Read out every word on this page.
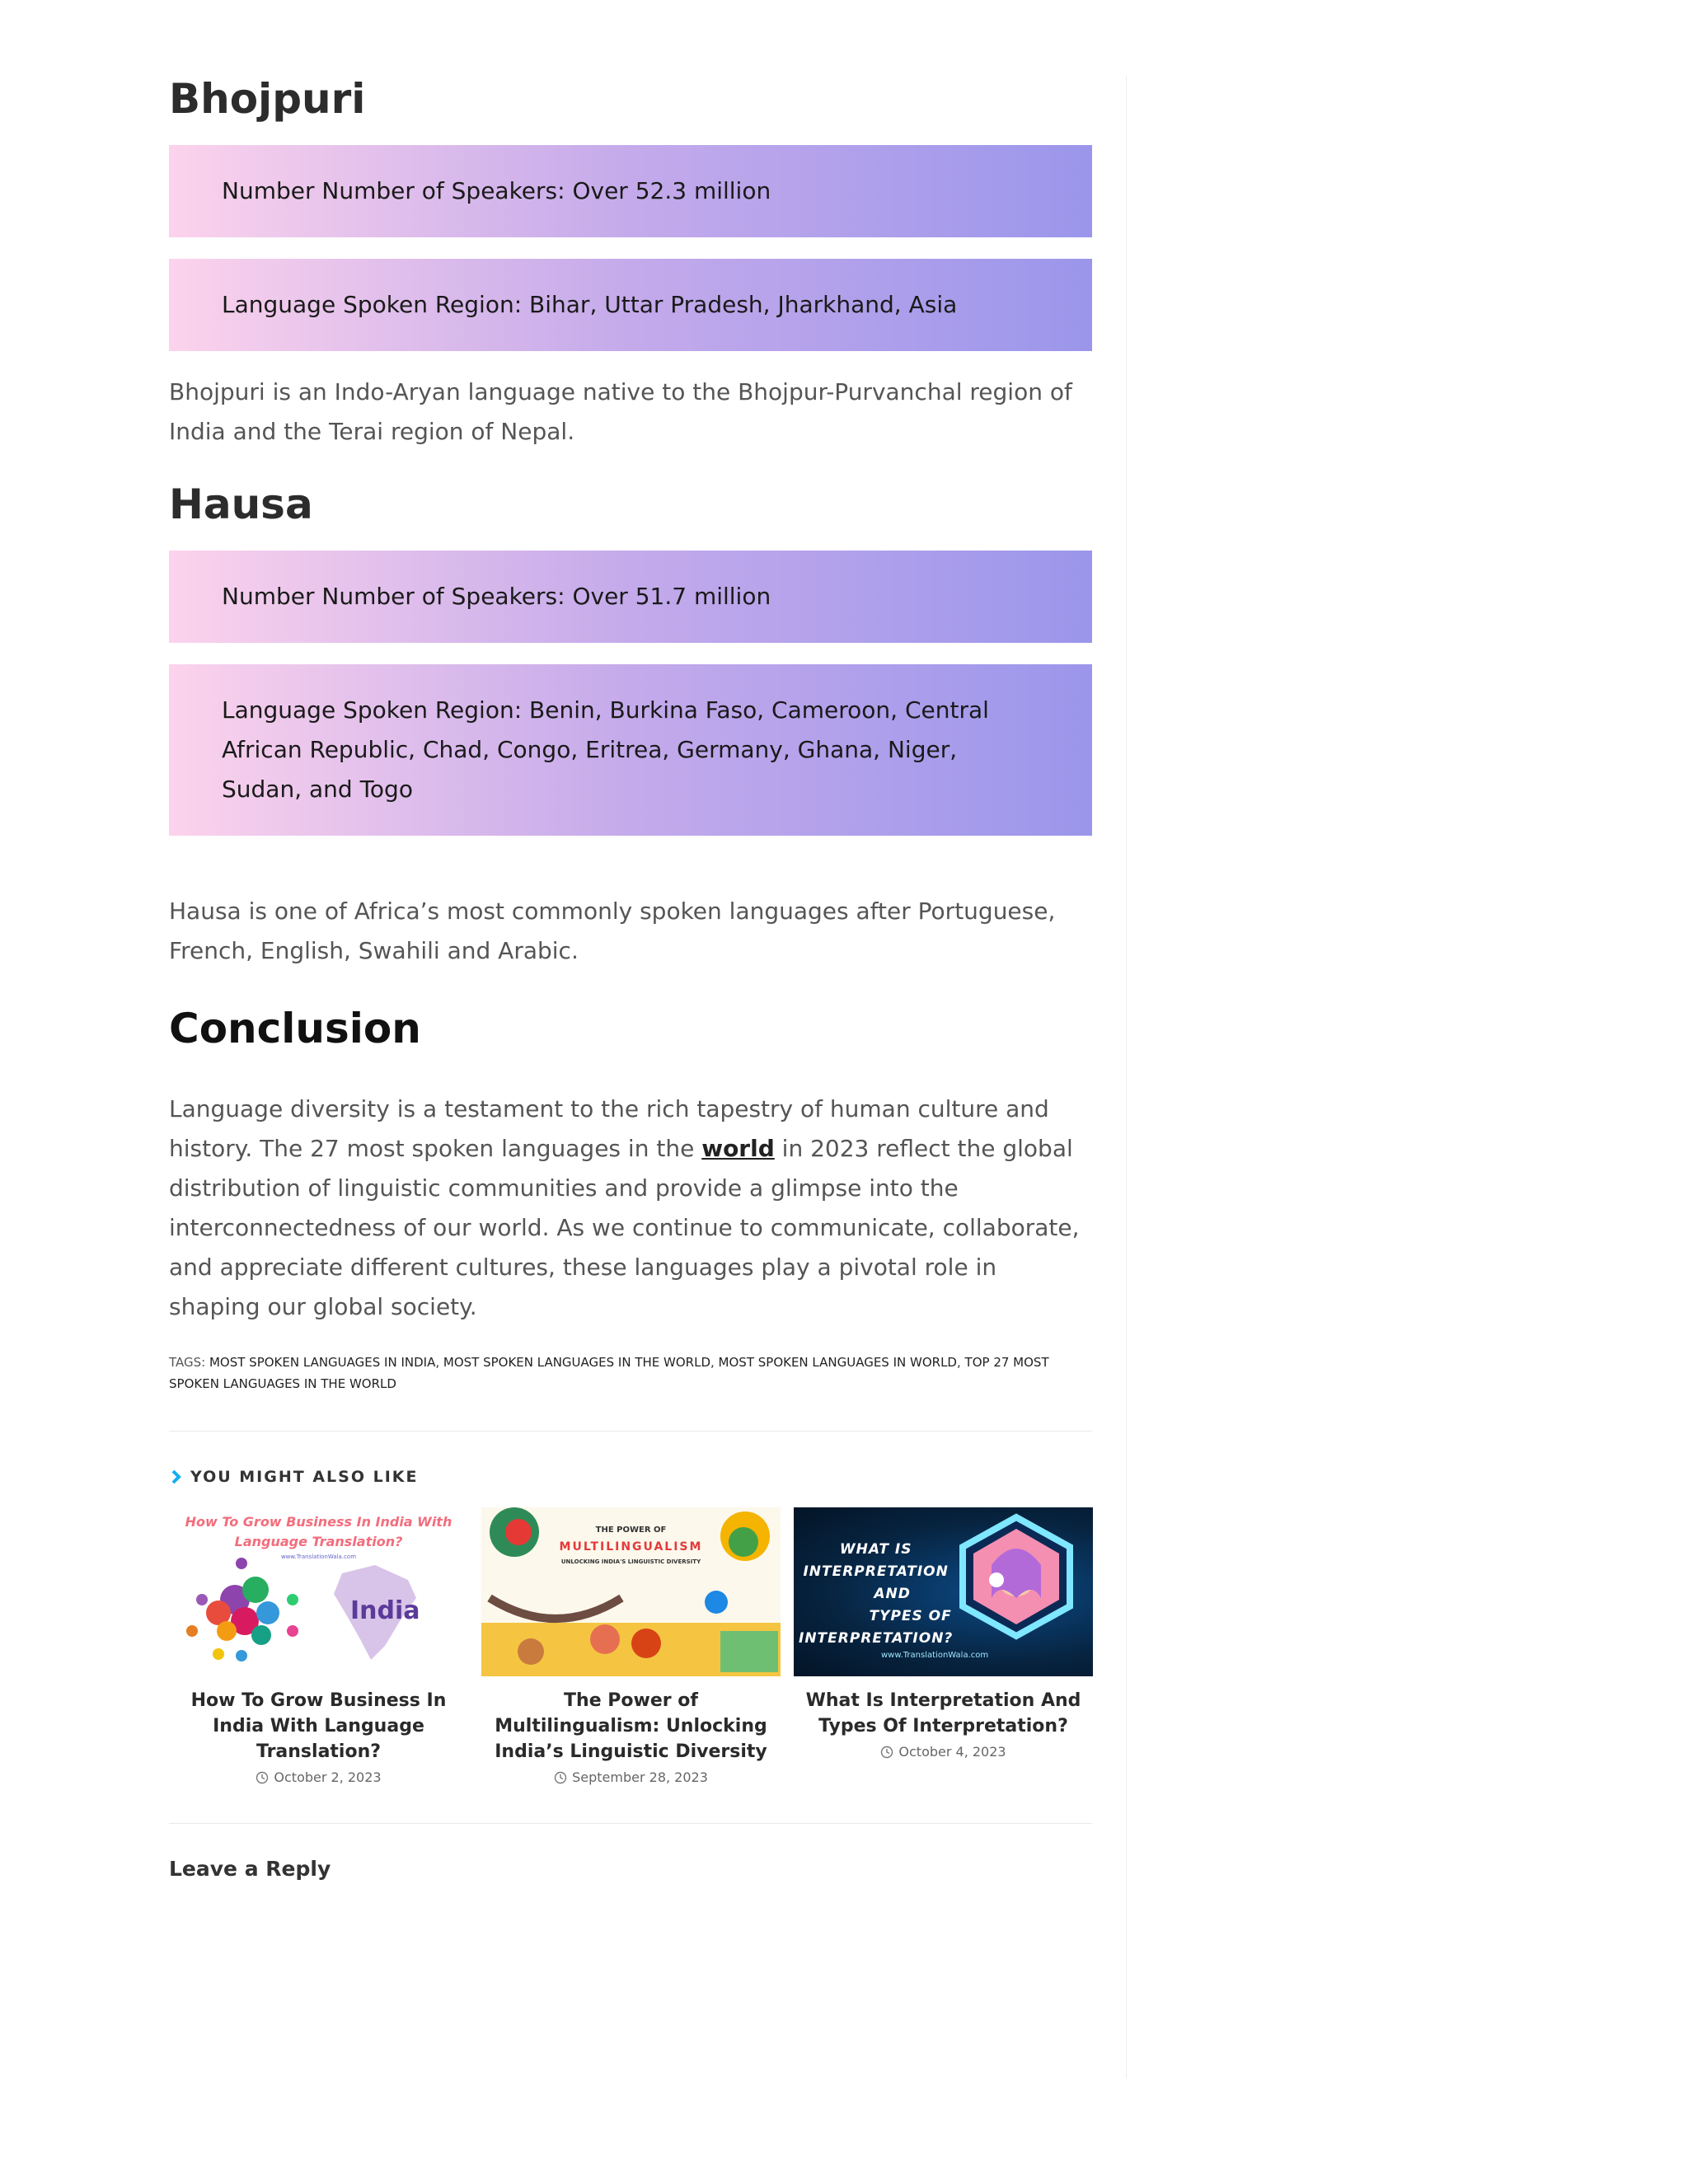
Bhojpuri
Number Number of Speakers: Over 52.3 million
Language Spoken Region: Bihar, Uttar Pradesh, Jharkhand, Asia

Bhojpuri is an Indo-Aryan language native to the Bhojpur-Purvanchal region of India and the Terai region of Nepal.

Hausa
Number Number of Speakers: Over 51.7 million
Language Spoken Region: Benin, Burkina Faso, Cameroon, Central African Republic, Chad, Congo, Eritrea, Germany, Ghana, Niger, Sudan, and Togo

Hausa is one of Africa’s most commonly spoken languages after Portuguese, French, English, Swahili and Arabic.

Conclusion

Language diversity is a testament to the rich tapestry of human culture and history. The 27 most spoken languages in the world in 2023 reflect the global distribution of linguistic communities and provide a glimpse into the interconnectedness of our world. As we continue to communicate, collaborate, and appreciate different cultures, these languages play a pivotal role in shaping our global society.

TAGS: MOST SPOKEN LANGUAGES IN INDIA, MOST SPOKEN LANGUAGES IN THE WORLD, MOST SPOKEN LANGUAGES IN WORLD, TOP 27 MOST SPOKEN LANGUAGES IN THE WORLD
YOU MIGHT ALSO LIKE
How To Grow Business In India With Language Translation?
www.TranslationWala.com
India
How To Grow Business In India With Language Translation?
October 2, 2023
THE POWER OF
MULTILINGUALISM
UNLOCKING INDIA'S LINGUISTIC DIVERSITY
The Power of Multilingualism: Unlocking India’s Linguistic Diversity
September 28, 2023
WHAT IS
INTERPRETATION
AND
TYPES OF
INTERPRETATION?
www.TranslationWala.com
What Is Interpretation And Types Of Interpretation?
October 4, 2023
Leave a Reply
